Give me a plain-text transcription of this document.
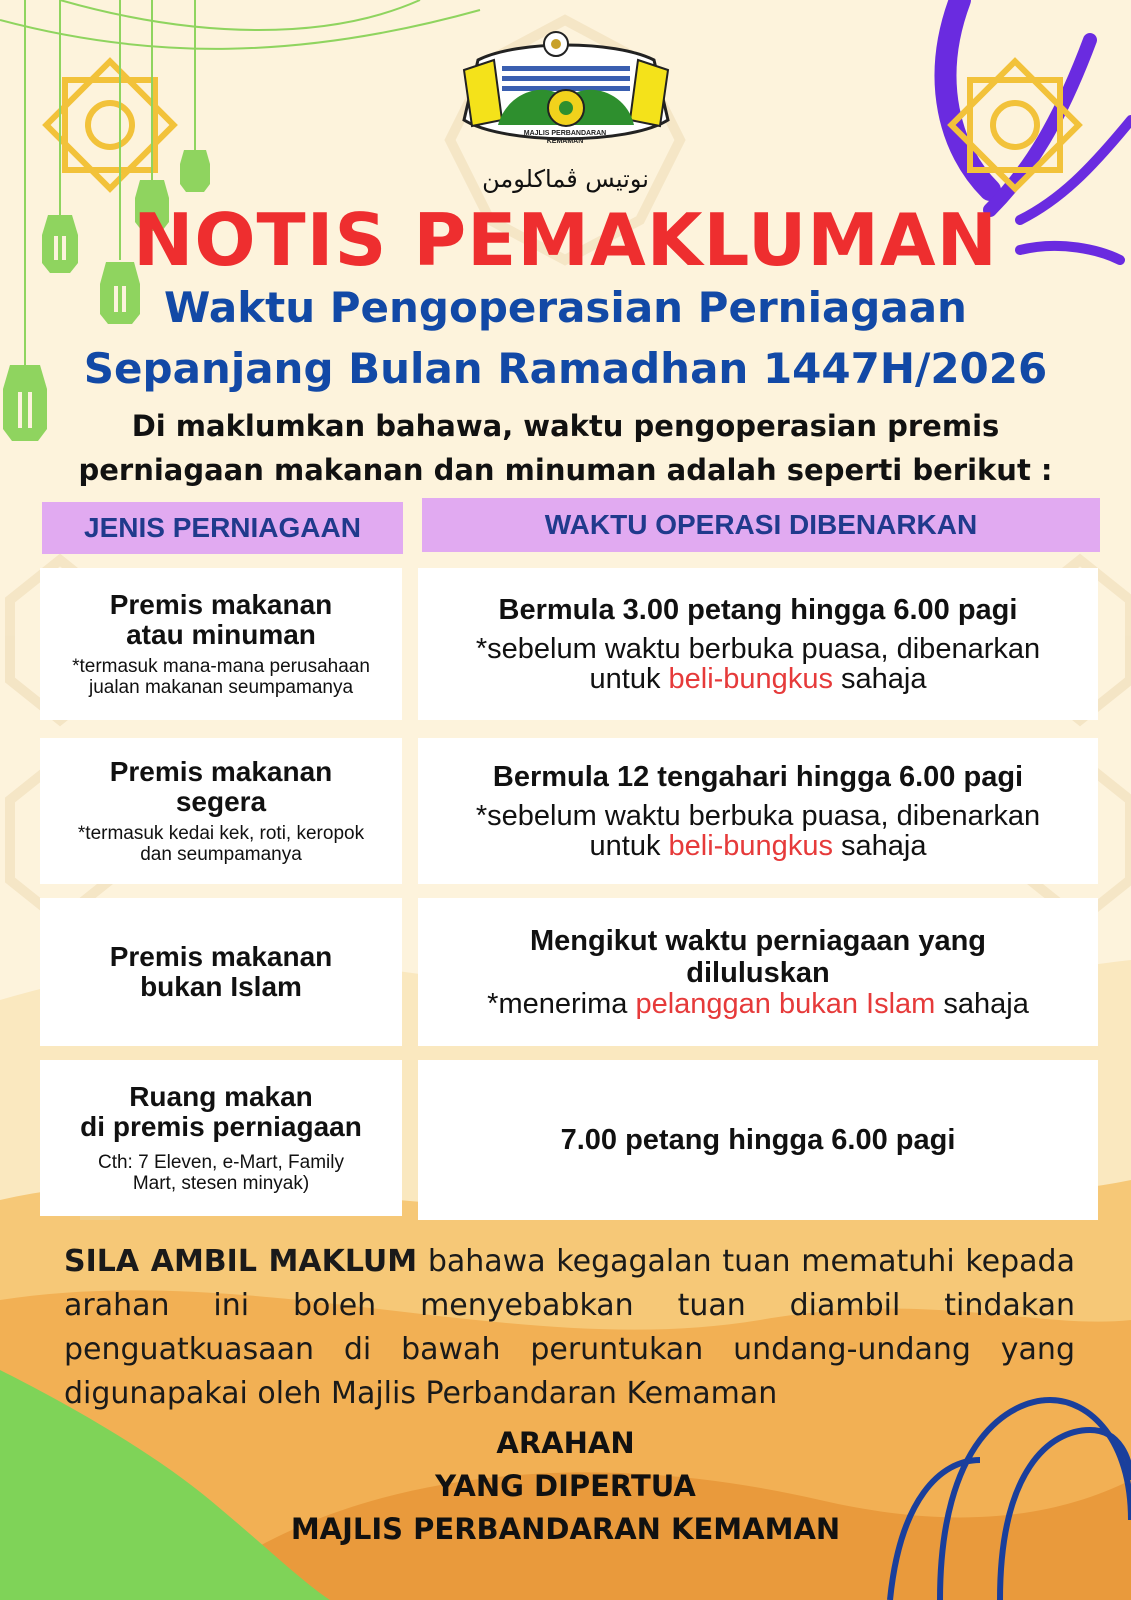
MAJLIS PERBANDARAN
KEMAMAN
نوتيس ڤماكلومن
NOTIS PEMAKLUMAN
Waktu Pengoperasian Perniagaan
Sepanjang Bulan Ramadhan 1447H/2026
Di maklumkan bahawa, waktu pengoperasian premis
perniagaan makanan dan minuman adalah seperti berikut :
JENIS PERNIAGAAN	WAKTU OPERASI DIBENARKAN
Premis makanan
atau minuman
*termasuk mana-mana perusahaan
jualan makanan seumpamanya
Bermula 3.00 petang hingga 6.00 pagi
*sebelum waktu berbuka puasa, dibenarkan
untuk beli-bungkus sahaja
Premis makanan
segera
*termasuk kedai kek, roti, keropok
dan seumpamanya
Bermula 12 tengahari hingga 6.00 pagi
*sebelum waktu berbuka puasa, dibenarkan
untuk beli-bungkus sahaja
Premis makanan
bukan Islam
Mengikut waktu perniagaan yang
diluluskan
*menerima pelanggan bukan Islam sahaja
Ruang makan
di premis perniagaan
Cth: 7 Eleven, e-Mart, Family
Mart, stesen minyak)
7.00 petang hingga 6.00 pagi
SILA AMBIL MAKLUM bahawa kegagalan tuan mematuhi kepada arahan ini boleh menyebabkan tuan diambil tindakan penguatkuasaan di bawah peruntukan undang-undang yang digunapakai oleh Majlis Perbandaran Kemaman
ARAHAN
YANG DIPERTUA
MAJLIS PERBANDARAN KEMAMAN
